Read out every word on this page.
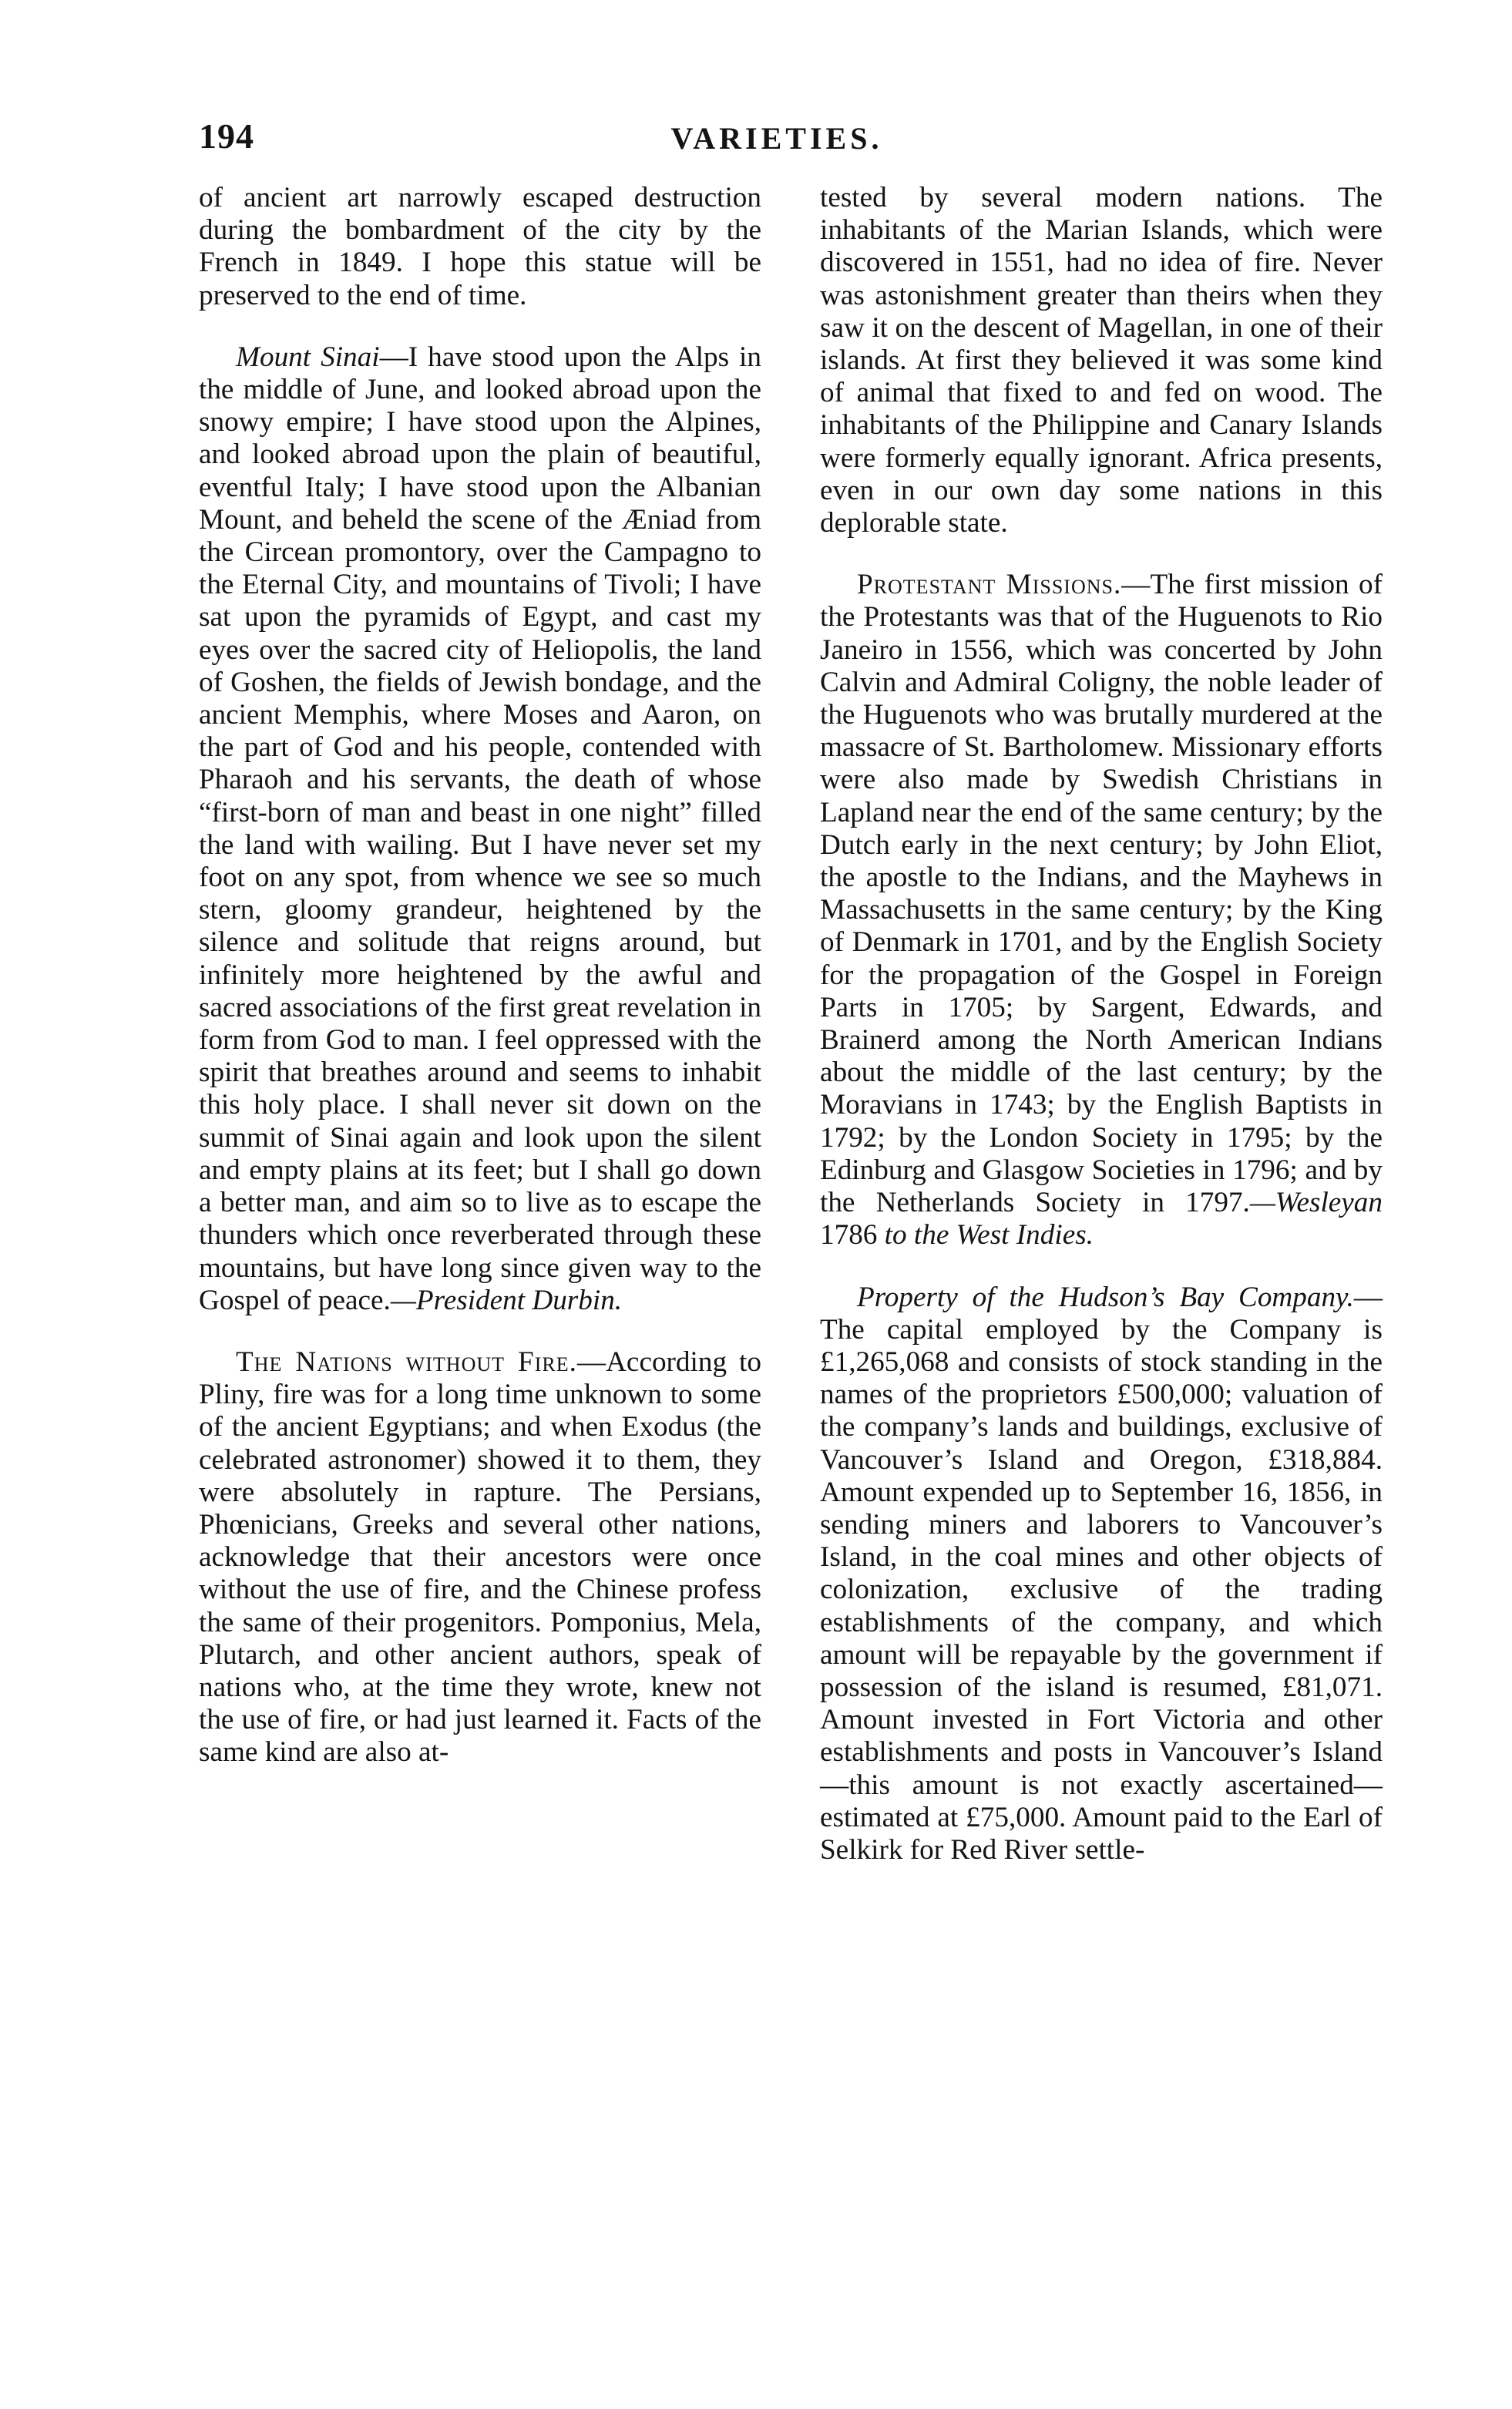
194	VARIETIES.

of ancient art narrowly escaped destruction during the bombardment of the city by the French in 1849. I hope this statue will be preserved to the end of time.

Mount Sinai—I have stood upon the Alps in the middle of June, and looked abroad upon the snowy empire; I have stood upon the Alpines, and looked abroad upon the plain of beautiful, eventful Italy; I have stood upon the Albanian Mount, and beheld the scene of the Æniad from the Circean promontory, over the Campagno to the Eternal City, and mountains of Tivoli; I have sat upon the pyramids of Egypt, and cast my eyes over the sacred city of Heliopolis, the land of Goshen, the fields of Jewish bondage, and the ancient Memphis, where Moses and Aaron, on the part of God and his people, contended with Pharaoh and his servants, the death of whose “first-born of man and beast in one night” filled the land with wailing. But I have never set my foot on any spot, from whence we see so much stern, gloomy grandeur, heightened by the silence and solitude that reigns around, but infinitely more heightened by the awful and sacred associations of the first great revelation in form from God to man. I feel oppressed with the spirit that breathes around and seems to inhabit this holy place. I shall never sit down on the summit of Sinai again and look upon the silent and empty plains at its feet; but I shall go down a better man, and aim so to live as to escape the thunders which once reverberated through these mountains, but have long since given way to the Gospel of peace.—President Durbin.

The Nations without Fire.—According to Pliny, fire was for a long time unknown to some of the ancient Egyptians; and when Exodus (the celebrated astronomer) showed it to them, they were absolutely in rapture. The Persians, Phœnicians, Greeks and several other nations, acknowledge that their ancestors were once without the use of fire, and the Chinese profess the same of their progenitors. Pomponius, Mela, Plutarch, and other ancient authors, speak of nations who, at the time they wrote, knew not the use of fire, or had just learned it. Facts of the same kind are also at-

tested by several modern nations. The inhabitants of the Marian Islands, which were discovered in 1551, had no idea of fire. Never was astonishment greater than theirs when they saw it on the descent of Magellan, in one of their islands. At first they believed it was some kind of animal that fixed to and fed on wood. The inhabitants of the Philippine and Canary Islands were formerly equally ignorant. Africa presents, even in our own day some nations in this deplorable state.

Protestant Missions.—The first mission of the Protestants was that of the Huguenots to Rio Janeiro in 1556, which was concerted by John Calvin and Admiral Coligny, the noble leader of the Huguenots who was brutally murdered at the massacre of St. Bartholomew. Missionary efforts were also made by Swedish Christians in Lapland near the end of the same century; by the Dutch early in the next century; by John Eliot, the apostle to the Indians, and the Mayhews in Massachusetts in the same century; by the King of Denmark in 1701, and by the English Society for the propagation of the Gospel in Foreign Parts in 1705; by Sargent, Edwards, and Brainerd among the North American Indians about the middle of the last century; by the Moravians in 1743; by the English Baptists in 1792; by the London Society in 1795; by the Edinburg and Glasgow Societies in 1796; and by the Netherlands Society in 1797.—Wesleyan 1786 to the West Indies.

Property of the Hudson’s Bay Company.—The capital employed by the Company is £1,265,068 and consists of stock standing in the names of the proprietors £500,000; valuation of the company’s lands and buildings, exclusive of Vancouver’s Island and Oregon, £318,884. Amount expended up to September 16, 1856, in sending miners and laborers to Vancouver’s Island, in the coal mines and other objects of colonization, exclusive of the trading establishments of the company, and which amount will be repayable by the government if possession of the island is resumed, £81,071. Amount invested in Fort Victoria and other establishments and posts in Vancouver’s Island—this amount is not exactly ascertained—estimated at £75,000. Amount paid to the Earl of Selkirk for Red River settle-
